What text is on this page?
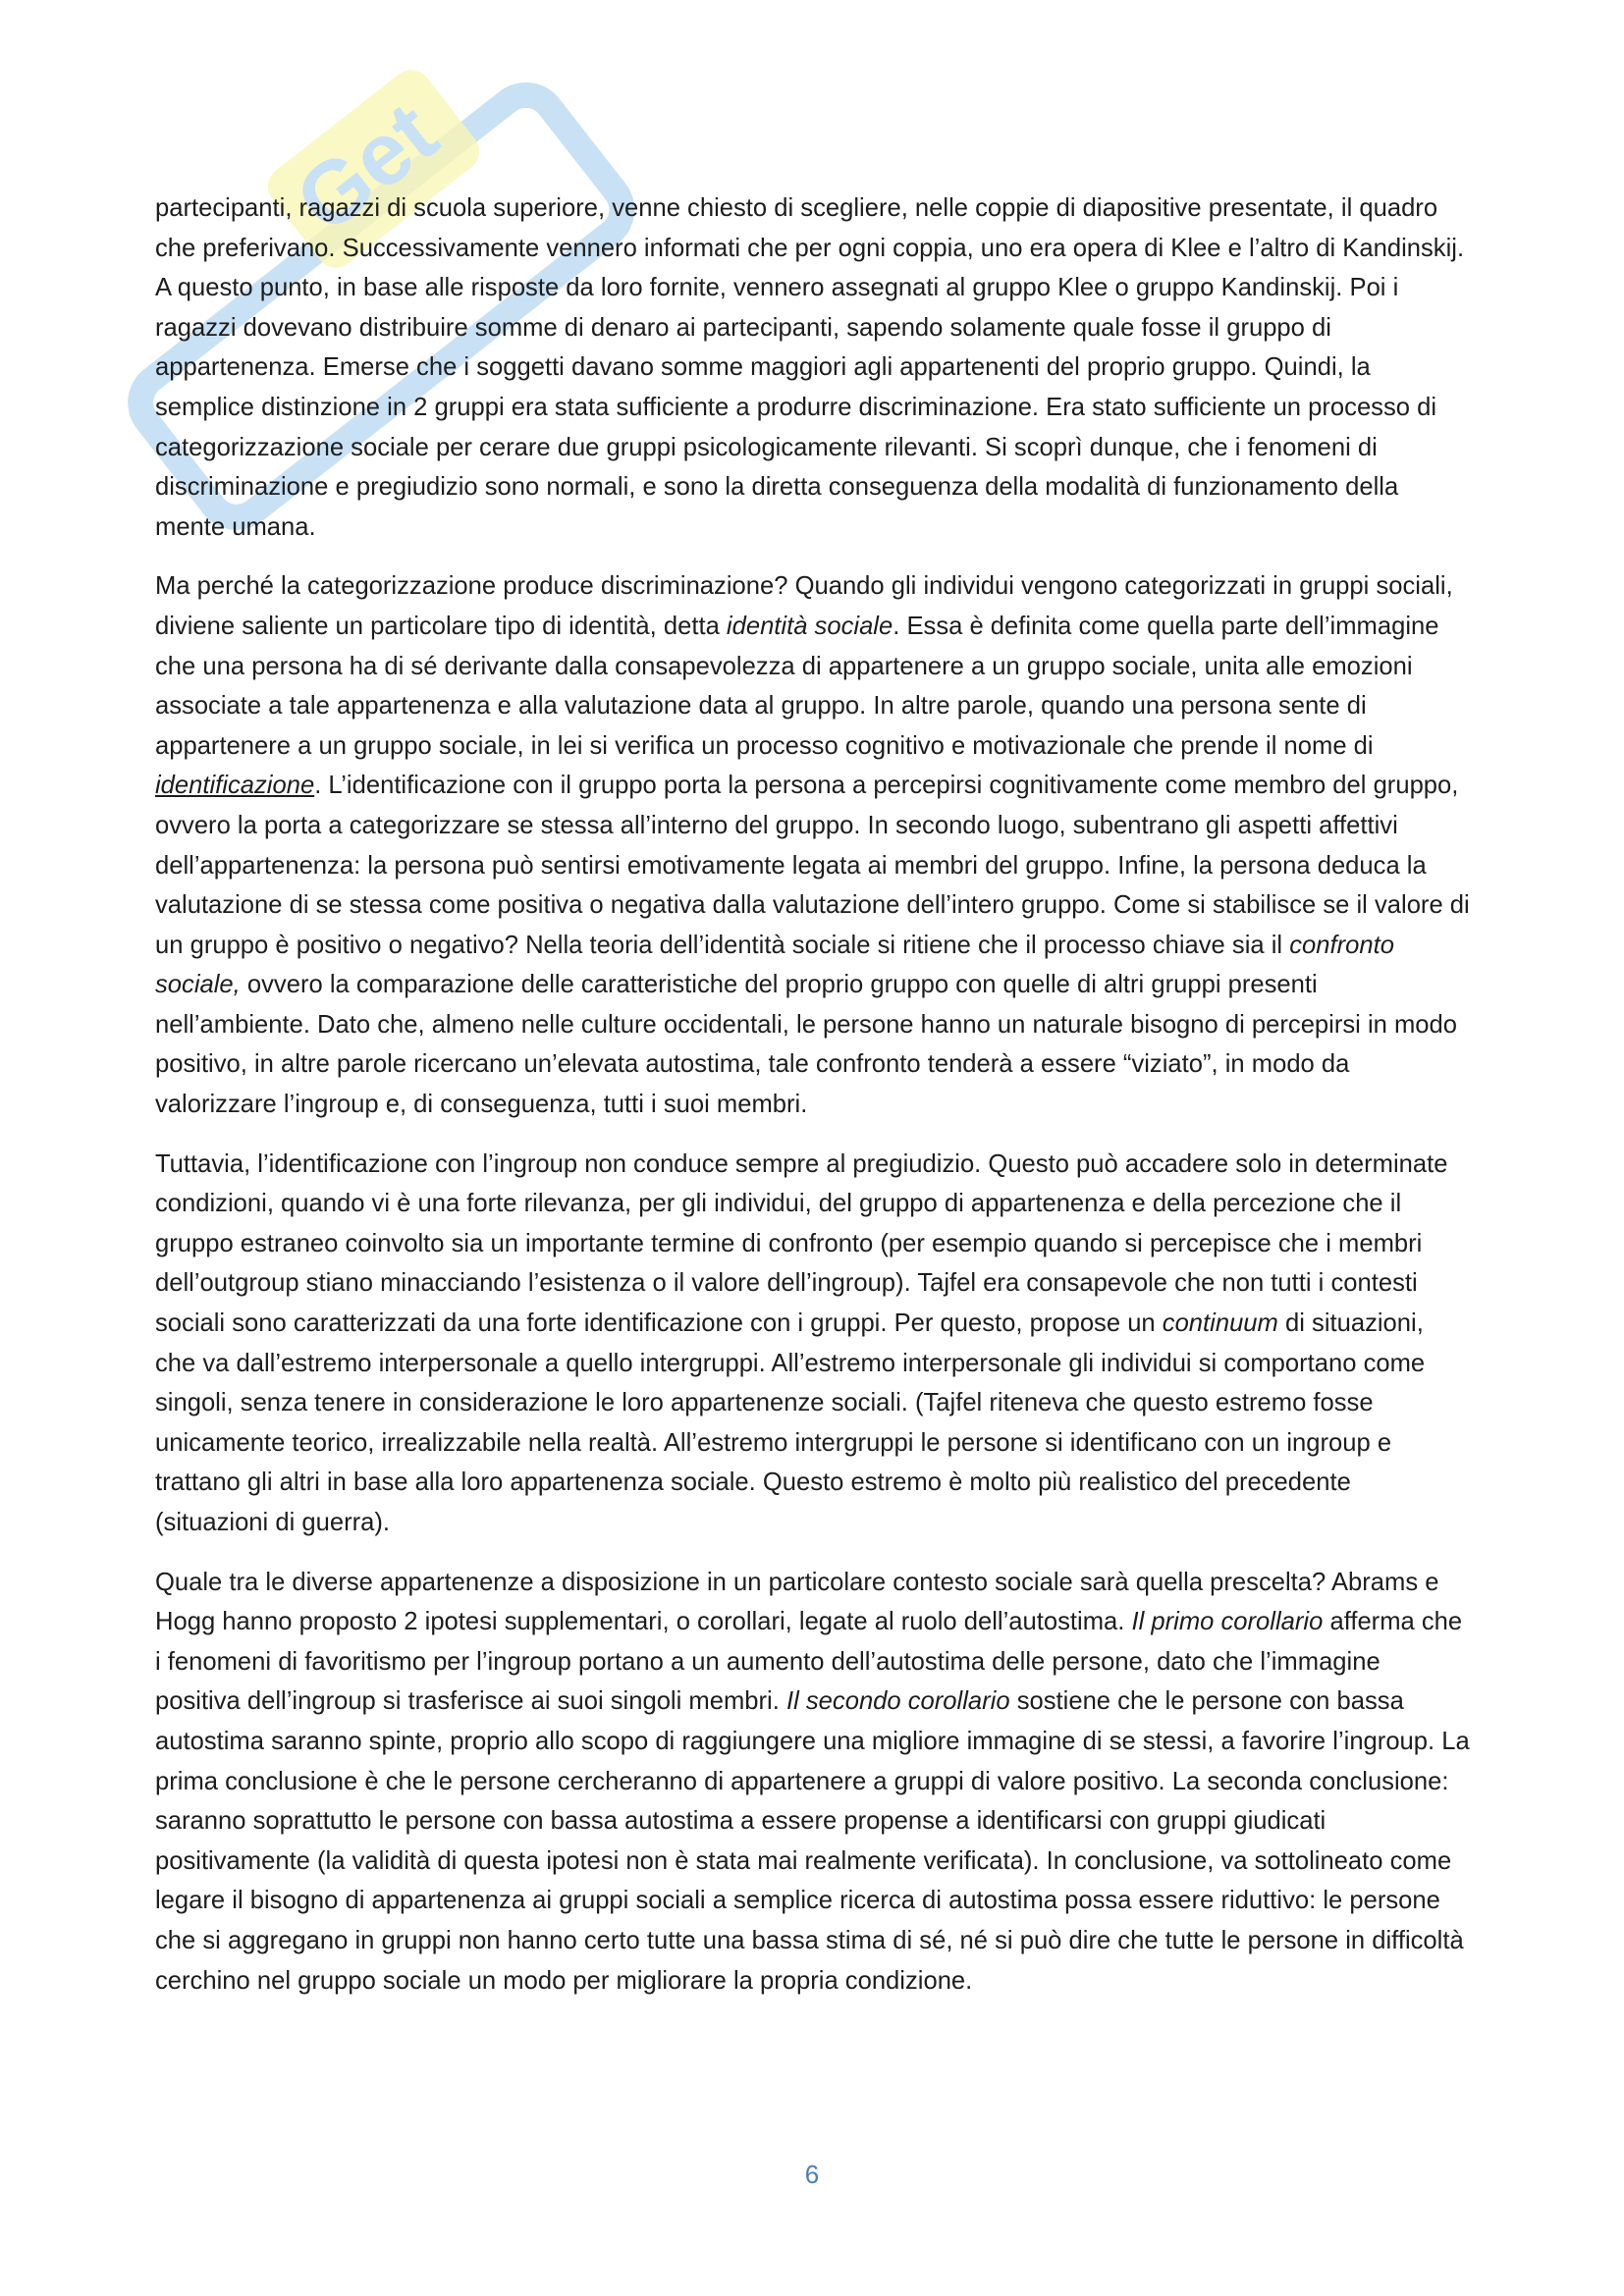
Get

partecipanti, ragazzi di scuola superiore, venne chiesto di scegliere, nelle coppie di diapositive presentate, il quadro che preferivano. Successivamente vennero informati che per ogni coppia, uno era opera di Klee e l’altro di Kandinskij. A questo punto, in base alle risposte da loro fornite, vennero assegnati al gruppo Klee o gruppo Kandinskij. Poi i ragazzi dovevano distribuire somme di denaro ai partecipanti, sapendo solamente quale fosse il gruppo di appartenenza. Emerse che i soggetti davano somme maggiori agli appartenenti del proprio gruppo. Quindi, la semplice distinzione in 2 gruppi era stata sufficiente a produrre discriminazione. Era stato sufficiente un processo di categorizzazione sociale per cerare due gruppi psicologicamente rilevanti. Si scoprì dunque, che i fenomeni di discriminazione e pregiudizio sono normali, e sono la diretta conseguenza della modalità di funzionamento della mente umana.

Ma perché la categorizzazione produce discriminazione? Quando gli individui vengono categorizzati in gruppi sociali, diviene saliente un particolare tipo di identità, detta identità sociale. Essa è definita come quella parte dell’immagine che una persona ha di sé derivante dalla consapevolezza di appartenere a un gruppo sociale, unita alle emozioni associate a tale appartenenza e alla valutazione data al gruppo. In altre parole, quando una persona sente di appartenere a un gruppo sociale, in lei si verifica un processo cognitivo e motivazionale che prende il nome di identificazione. L’identificazione con il gruppo porta la persona a percepirsi cognitivamente come membro del gruppo, ovvero la porta a categorizzare se stessa all’interno del gruppo. In secondo luogo, subentrano gli aspetti affettivi dell’appartenenza: la persona può sentirsi emotivamente legata ai membri del gruppo. Infine, la persona deduca la valutazione di se stessa come positiva o negativa dalla valutazione dell’intero gruppo. Come si stabilisce se il valore di un gruppo è positivo o negativo? Nella teoria dell’identità sociale si ritiene che il processo chiave sia il confronto sociale, ovvero la comparazione delle caratteristiche del proprio gruppo con quelle di altri gruppi presenti nell’ambiente. Dato che, almeno nelle culture occidentali, le persone hanno un naturale bisogno di percepirsi in modo positivo, in altre parole ricercano un’elevata autostima, tale confronto tenderà a essere “viziato”, in modo da valorizzare l’ingroup e, di conseguenza, tutti i suoi membri.

Tuttavia, l’identificazione con l’ingroup non conduce sempre al pregiudizio. Questo può accadere solo in determinate condizioni, quando vi è una forte rilevanza, per gli individui, del gruppo di appartenenza e della percezione che il gruppo estraneo coinvolto sia un importante termine di confronto (per esempio quando si percepisce che i membri dell’outgroup stiano minacciando l’esistenza o il valore dell’ingroup). Tajfel era consapevole che non tutti i contesti sociali sono caratterizzati da una forte identificazione con i gruppi. Per questo, propose un continuum di situazioni, che va dall’estremo interpersonale a quello intergruppi. All’estremo interpersonale gli individui si comportano come singoli, senza tenere in considerazione le loro appartenenze sociali. (Tajfel riteneva che questo estremo fosse unicamente teorico, irrealizzabile nella realtà. All’estremo intergruppi le persone si identificano con un ingroup e trattano gli altri in base alla loro appartenenza sociale. Questo estremo è molto più realistico del precedente (situazioni di guerra).

Quale tra le diverse appartenenze a disposizione in un particolare contesto sociale sarà quella prescelta? Abrams e Hogg hanno proposto 2 ipotesi supplementari, o corollari, legate al ruolo dell’autostima. Il primo corollario afferma che i fenomeni di favoritismo per l’ingroup portano a un aumento dell’autostima delle persone, dato che l’immagine positiva dell’ingroup si trasferisce ai suoi singoli membri. Il secondo corollario sostiene che le persone con bassa autostima saranno spinte, proprio allo scopo di raggiungere una migliore immagine di se stessi, a favorire l’ingroup. La prima conclusione è che le persone cercheranno di appartenere a gruppi di valore positivo. La seconda conclusione: saranno soprattutto le persone con bassa autostima a essere propense a identificarsi con gruppi giudicati positivamente (la validità di questa ipotesi non è stata mai realmente verificata). In conclusione, va sottolineato come legare il bisogno di appartenenza ai gruppi sociali a semplice ricerca di autostima possa essere riduttivo: le persone che si aggregano in gruppi non hanno certo tutte una bassa stima di sé, né si può dire che tutte le persone in difficoltà cerchino nel gruppo sociale un modo per migliorare la propria condizione.

6
